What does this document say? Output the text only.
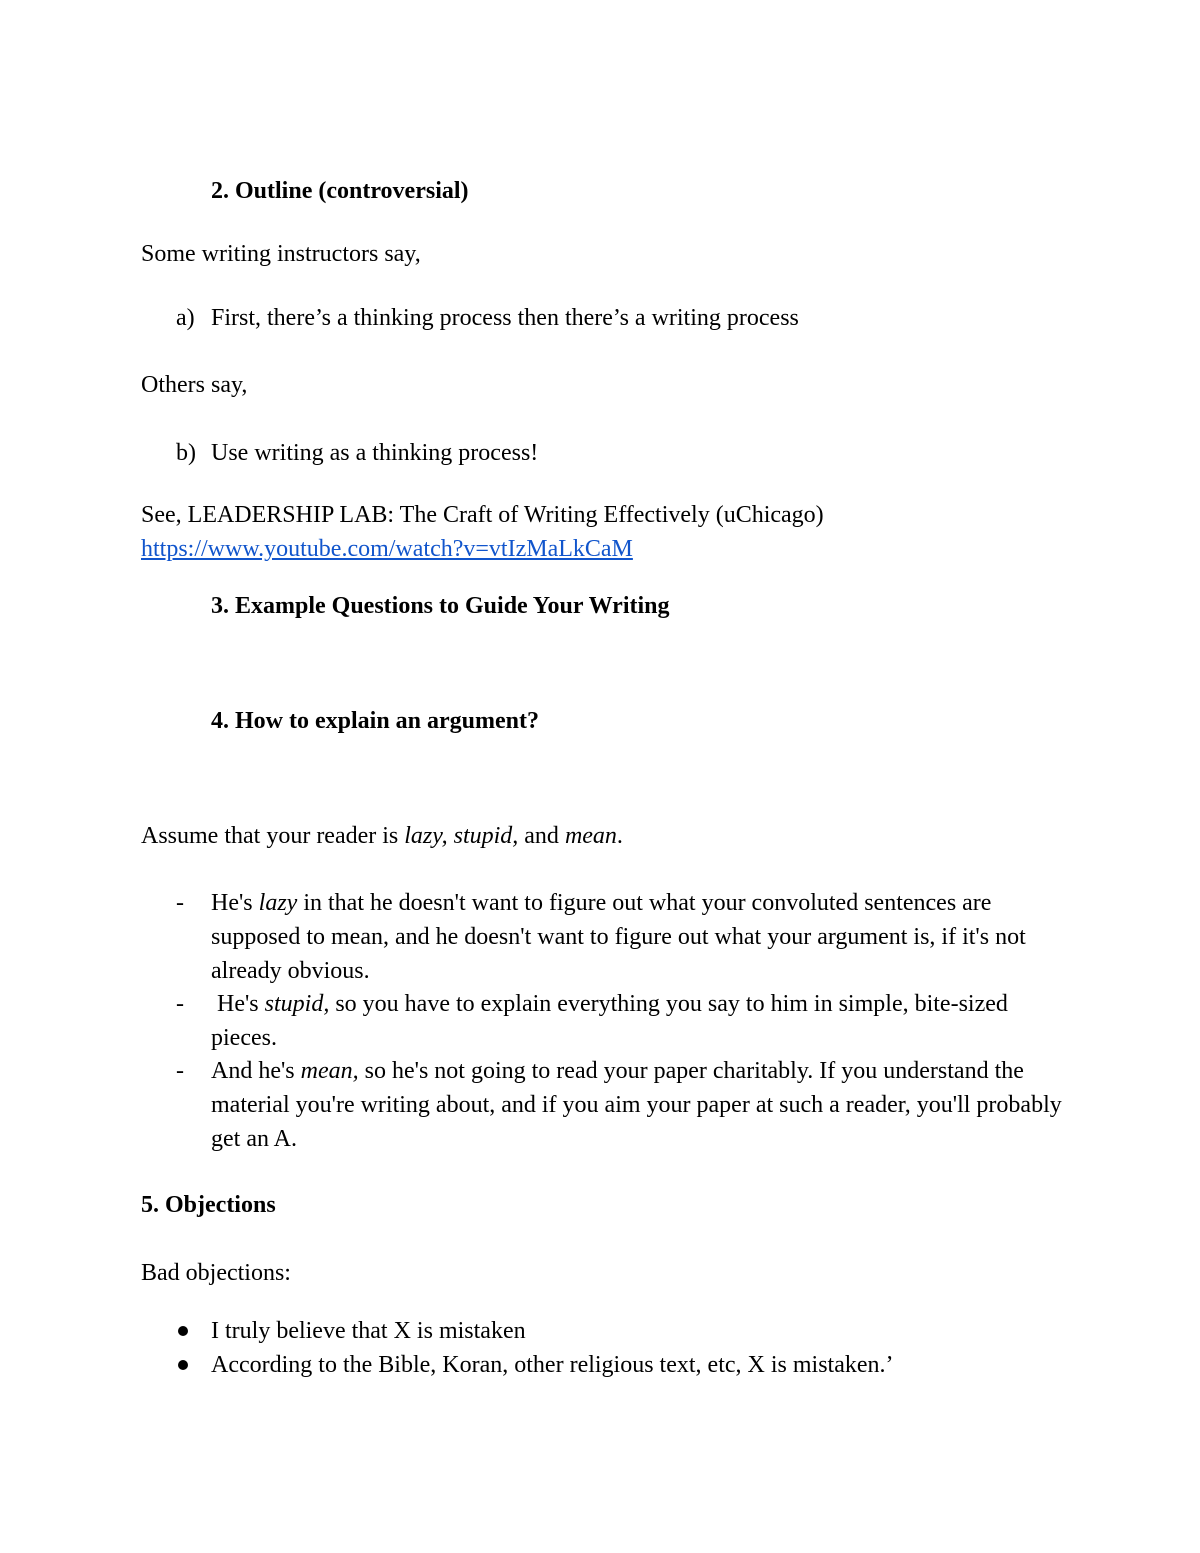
2. Outline (controversial)
Some writing instructors say,
a) First, there’s a thinking process then there’s a writing process
Others say,
b) Use writing as a thinking process!
See, LEADERSHIP LAB: The Craft of Writing Effectively (uChicago)
https://www.youtube.com/watch?v=vtIzMaLkCaM
3. Example Questions to Guide Your Writing
4. How to explain an argument?
Assume that your reader is lazy, stupid, and mean.
- He's lazy in that he doesn't want to figure out what your convoluted sentences are supposed to mean, and he doesn't want to figure out what your argument is, if it's not already obvious.
- He's stupid, so you have to explain everything you say to him in simple, bite-sized pieces.
- And he's mean, so he's not going to read your paper charitably. If you understand the material you're writing about, and if you aim your paper at such a reader, you'll probably get an A.
5. Objections
Bad objections:
I truly believe that X is mistaken
According to the Bible, Koran, other religious text, etc, X is mistaken.’
